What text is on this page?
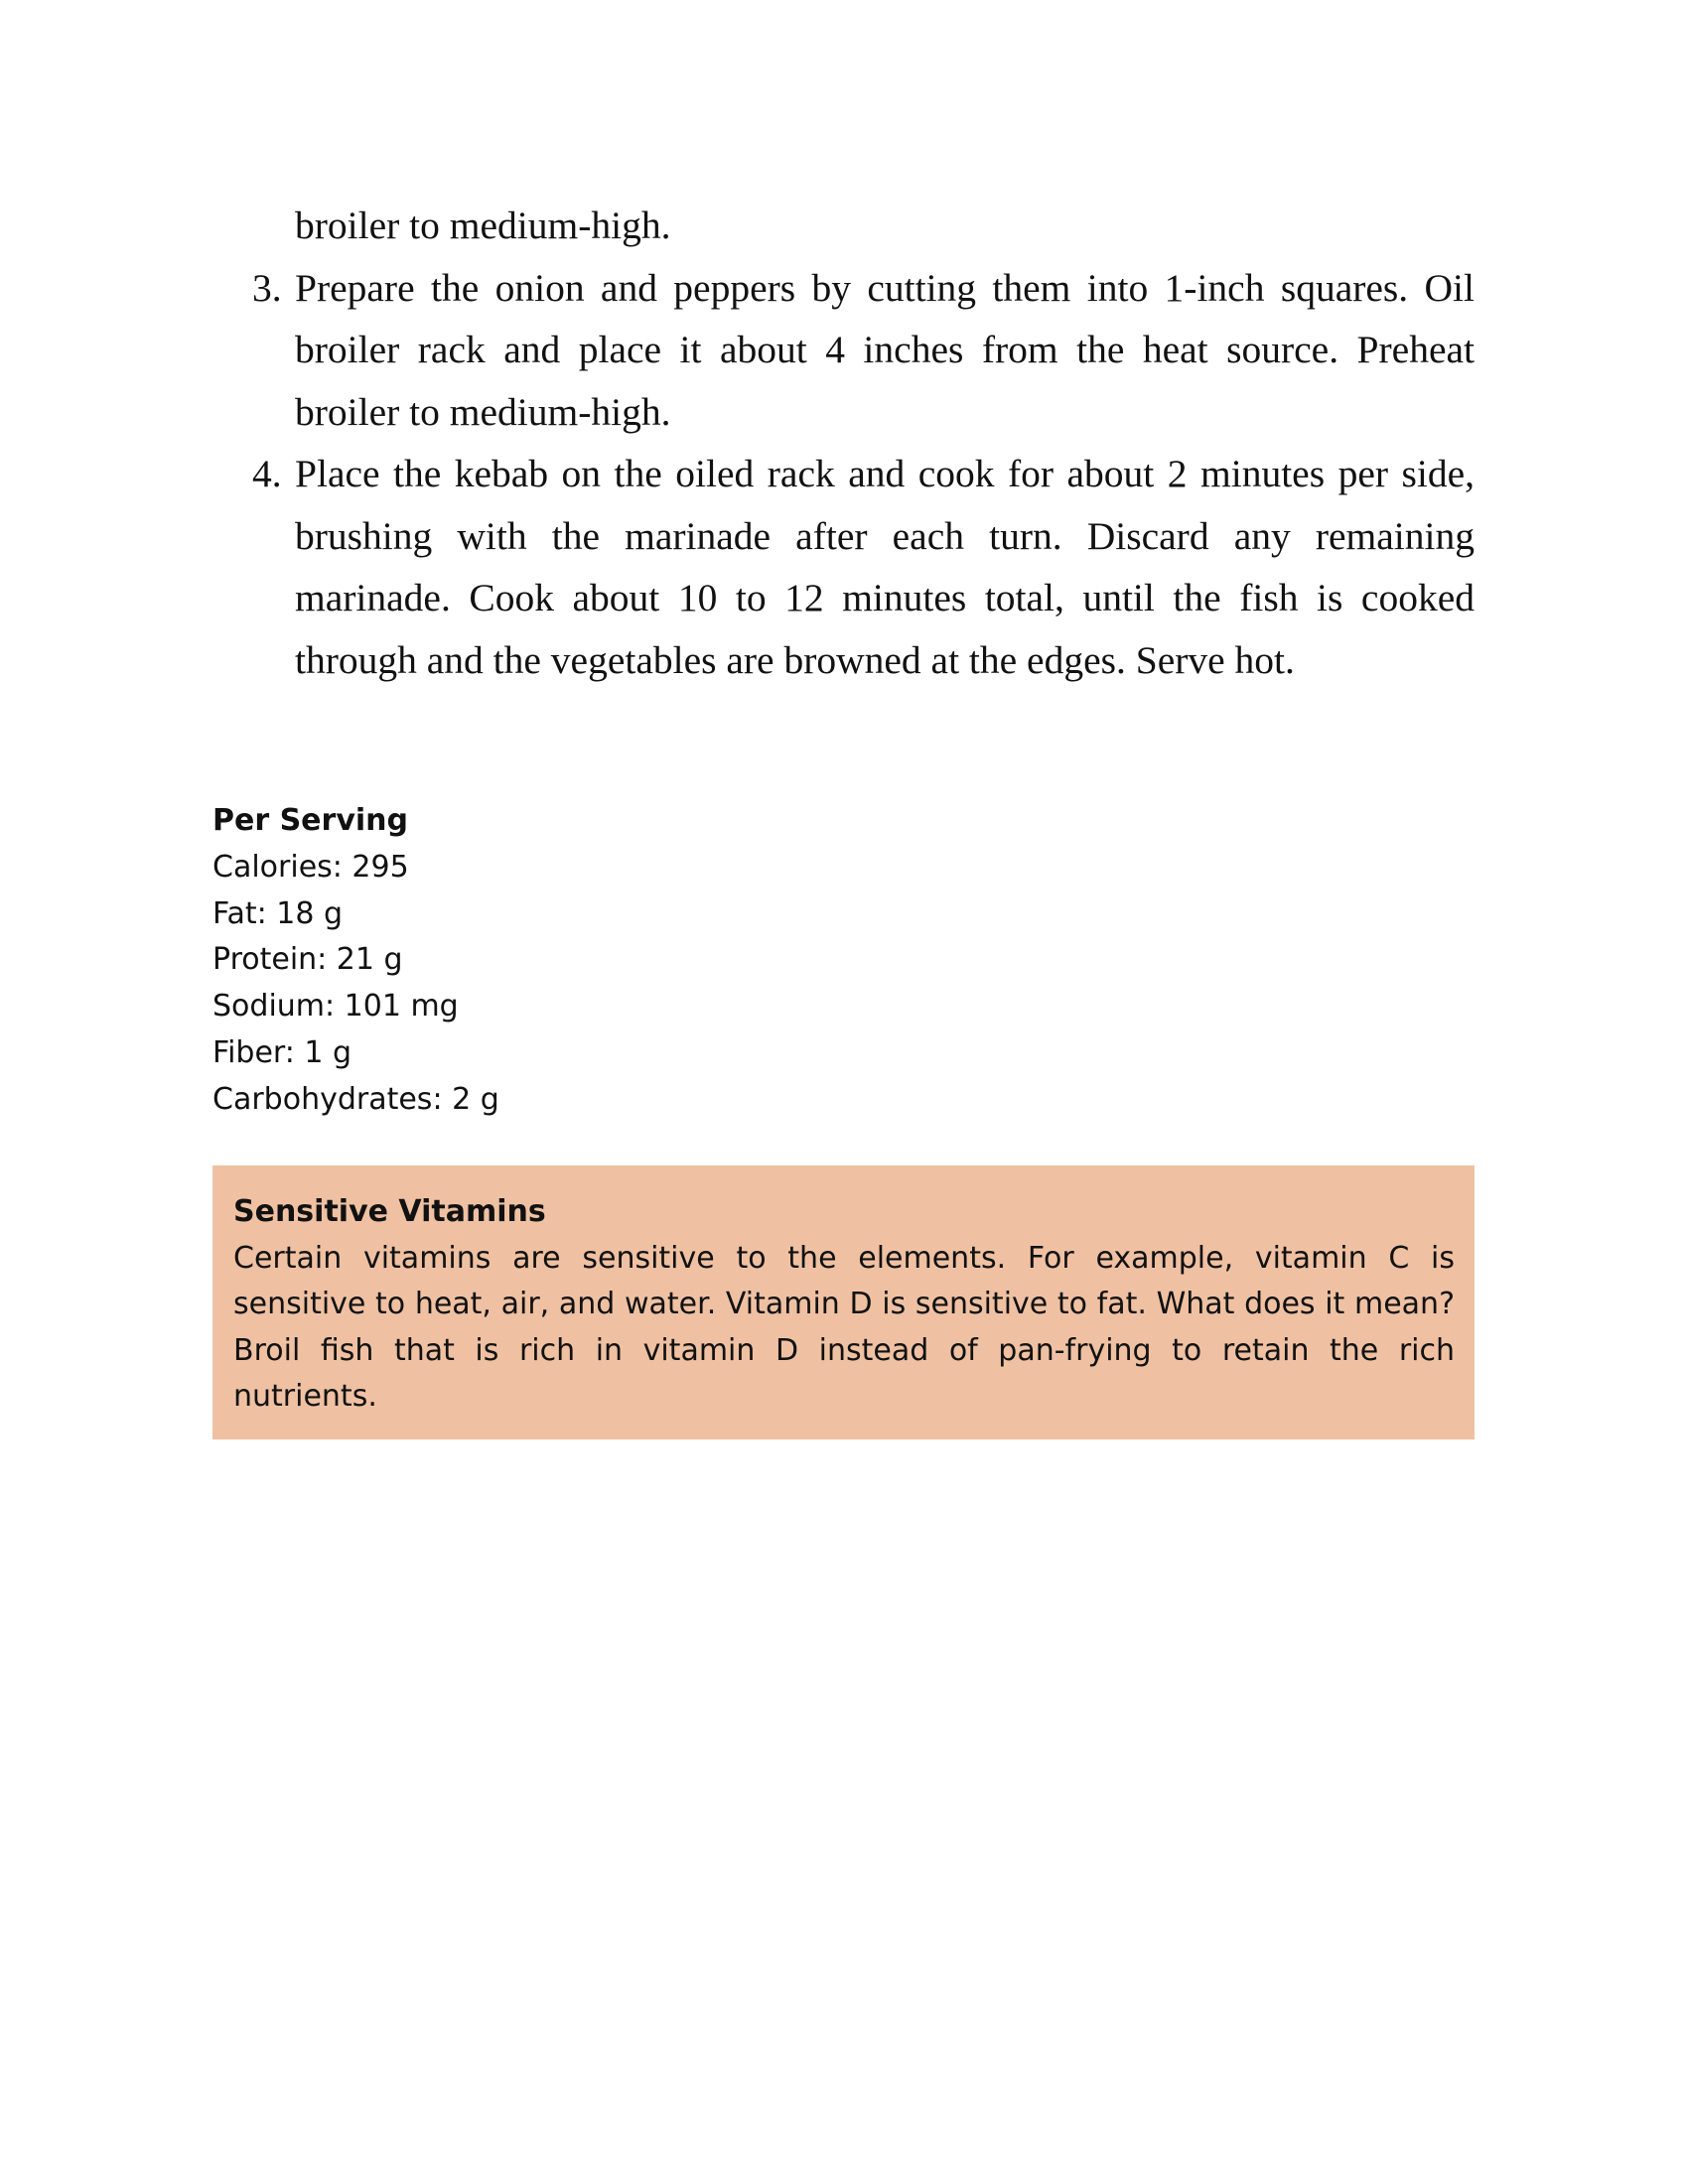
broiler to medium-high.
3. Prepare the onion and peppers by cutting them into 1-inch squares. Oil broiler rack and place it about 4 inches from the heat source. Preheat broiler to medium-high.
4. Place the kebab on the oiled rack and cook for about 2 minutes per side, brushing with the marinade after each turn. Discard any remaining marinade. Cook about 10 to 12 minutes total, until the fish is cooked through and the vegetables are browned at the edges. Serve hot.
Per Serving
Calories: 295
Fat: 18 g
Protein: 21 g
Sodium: 101 mg
Fiber: 1 g
Carbohydrates: 2 g
Sensitive Vitamins
Certain vitamins are sensitive to the elements. For example, vitamin C is sensitive to heat, air, and water. Vitamin D is sensitive to fat. What does it mean? Broil fish that is rich in vitamin D instead of pan-frying to retain the rich nutrients.
